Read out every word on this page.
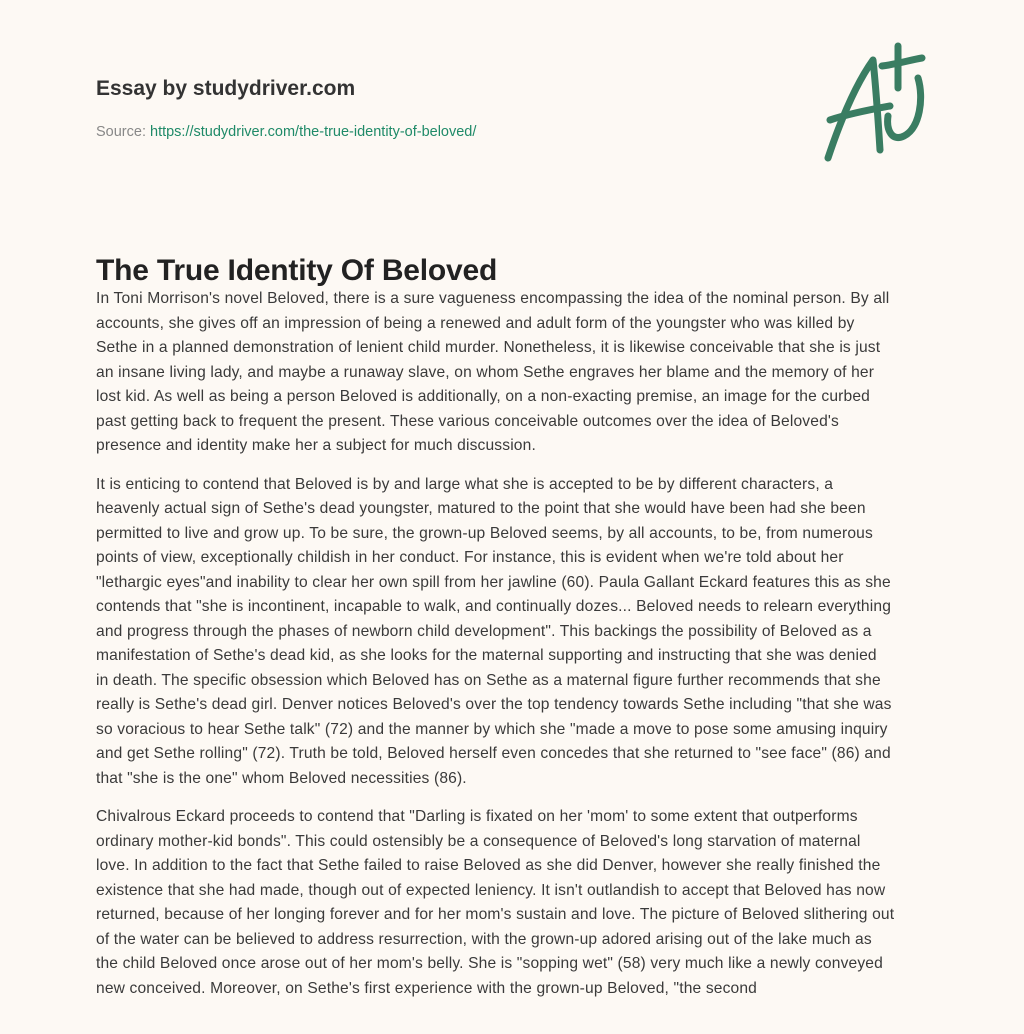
Essay by studydriver.com
Source: https://studydriver.com/the-true-identity-of-beloved/
The True Identity Of Beloved

In Toni Morrison's novel Beloved, there is a sure vagueness encompassing the idea of the nominal person. By all
accounts, she gives off an impression of being a renewed and adult form of the youngster who was killed by
Sethe in a planned demonstration of lenient child murder. Nonetheless, it is likewise conceivable that she is just
an insane living lady, and maybe a runaway slave, on whom Sethe engraves her blame and the memory of her
lost kid. As well as being a person Beloved is additionally, on a non-exacting premise, an image for the curbed
past getting back to frequent the present. These various conceivable outcomes over the idea of Beloved's
presence and identity make her a subject for much discussion.

It is enticing to contend that Beloved is by and large what she is accepted to be by different characters, a
heavenly actual sign of Sethe's dead youngster, matured to the point that she would have been had she been
permitted to live and grow up. To be sure, the grown-up Beloved seems, by all accounts, to be, from numerous
points of view, exceptionally childish in her conduct. For instance, this is evident when we're told about her
"lethargic eyes"and inability to clear her own spill from her jawline (60). Paula Gallant Eckard features this as she
contends that "she is incontinent, incapable to walk, and continually dozes... Beloved needs to relearn everything
and progress through the phases of newborn child development". This backings the possibility of Beloved as a
manifestation of Sethe's dead kid, as she looks for the maternal supporting and instructing that she was denied
in death. The specific obsession which Beloved has on Sethe as a maternal figure further recommends that she
really is Sethe's dead girl. Denver notices Beloved's over the top tendency towards Sethe including "that she was
so voracious to hear Sethe talk" (72) and the manner by which she "made a move to pose some amusing inquiry
and get Sethe rolling" (72). Truth be told, Beloved herself even concedes that she returned to "see face" (86) and
that "she is the one" whom Beloved necessities (86).

Chivalrous Eckard proceeds to contend that "Darling is fixated on her 'mom' to some extent that outperforms
ordinary mother-kid bonds". This could ostensibly be a consequence of Beloved's long starvation of maternal
love. In addition to the fact that Sethe failed to raise Beloved as she did Denver, however she really finished the
existence that she had made, though out of expected leniency. It isn't outlandish to accept that Beloved has now
returned, because of her longing forever and for her mom's sustain and love. The picture of Beloved slithering out
of the water can be believed to address resurrection, with the grown-up adored arising out of the lake much as
the child Beloved once arose out of her mom's belly. She is "sopping wet" (58) very much like a newly conveyed
new conceived. Moreover, on Sethe's first experience with the grown-up Beloved, "the second
